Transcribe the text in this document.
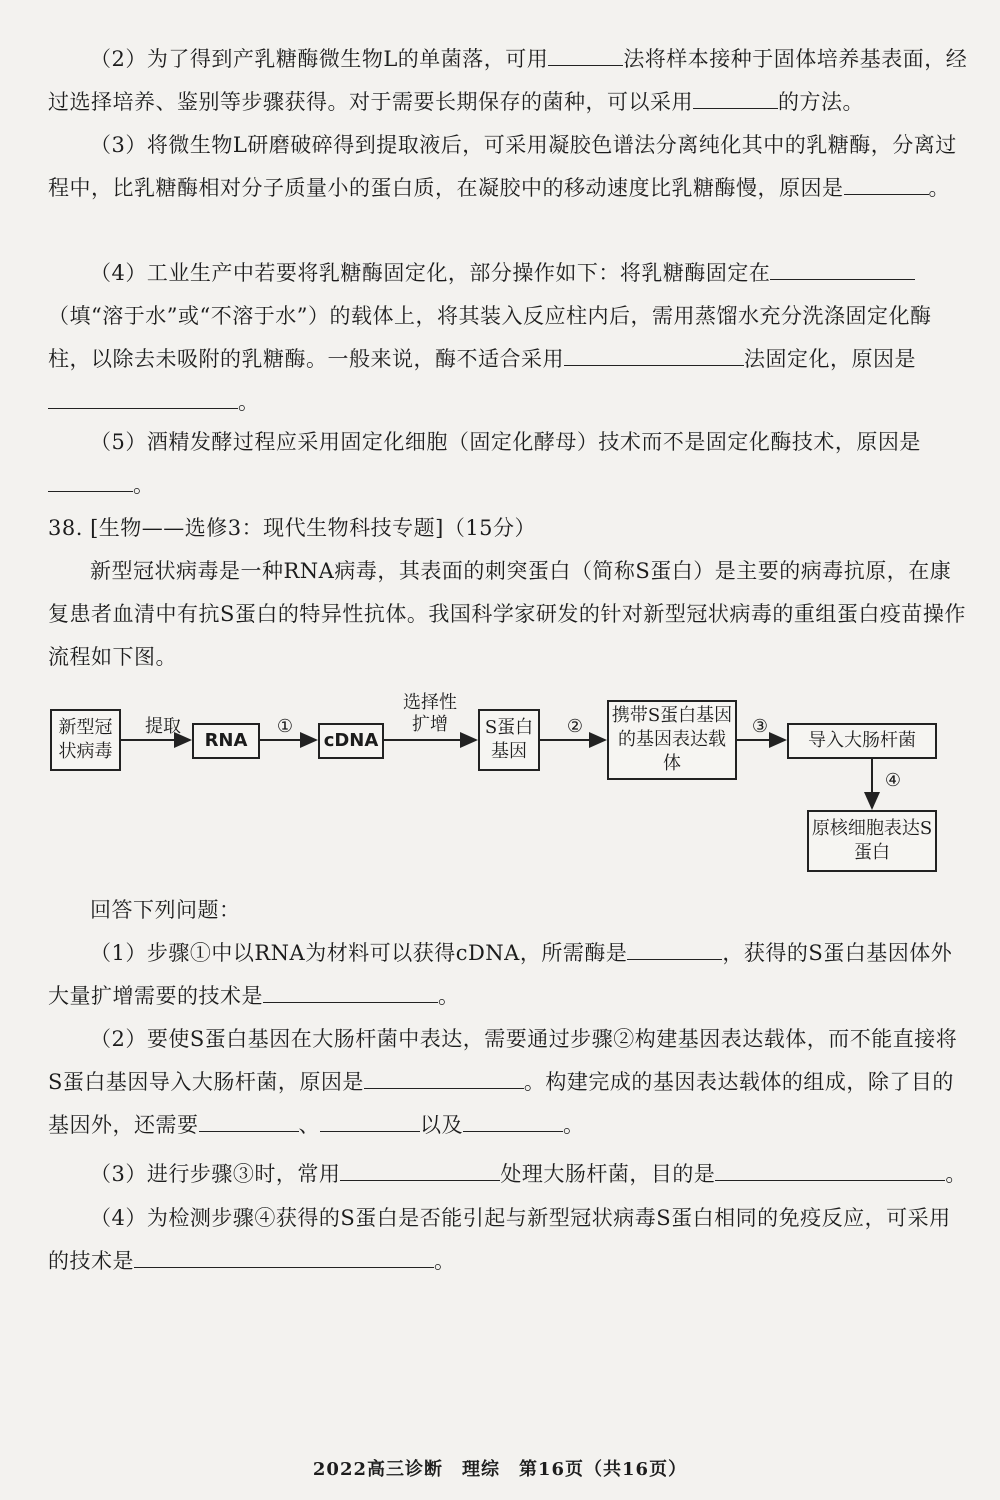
（2）为了得到产乳糖酶微生物L的单菌落，可用	法将样本接种于固体培养基表面，经过选择培养、鉴别等步骤获得。对于需要长期保存的菌种，可以采用	的方法。

（3）将微生物L研磨破碎得到提取液后，可采用凝胶色谱法分离纯化其中的乳糖酶，分离过程中，比乳糖酶相对分子质量小的蛋白质，在凝胶中的移动速度比乳糖酶慢，原因是	。

（4）工业生产中若要将乳糖酶固定化，部分操作如下：将乳糖酶固定在（填“溶于水”或“不溶于水”）的载体上，将其装入反应柱内后，需用蒸馏水充分洗涤固定化酶柱，以除去未吸附的乳糖酶。一般来说，酶不适合采用	法固定化，原因是。

（5）酒精发酵过程应采用固定化细胞（固定化酵母）技术而不是固定化酶技术，原因是。

38. [生物——选修3：现代生物科技专题]（15分）

新型冠状病毒是一种RNA病毒，其表面的刺突蛋白（简称S蛋白）是主要的病毒抗原，在康复患者血清中有抗S蛋白的特异性抗体。我国科学家研发的针对新型冠状病毒的重组蛋白疫苗操作流程如下图。

新型冠状病毒
提取
RNA
①
cDNA
选择性扩增	S蛋白基因
②
携带S蛋白基因的基因表达载体
③
导入大肠杆菌
④
原核细胞表达S蛋白

回答下列问题：

（1）步骤①中以RNA为材料可以获得cDNA，所需酶是	，获得的S蛋白基因体外大量扩增需要的技术是	。

（2）要使S蛋白基因在大肠杆菌中表达，需要通过步骤②构建基因表达载体，而不能直接将S蛋白基因导入大肠杆菌，原因是	。构建完成的基因表达载体的组成，除了目的基因外，还需要	、	以及	。

（3）进行步骤③时，常用	处理大肠杆菌，目的是	。

（4）为检测步骤④获得的S蛋白是否能引起与新型冠状病毒S蛋白相同的免疫反应，可采用的技术是	。

2022高三诊断　理综　第16页（共16页）
